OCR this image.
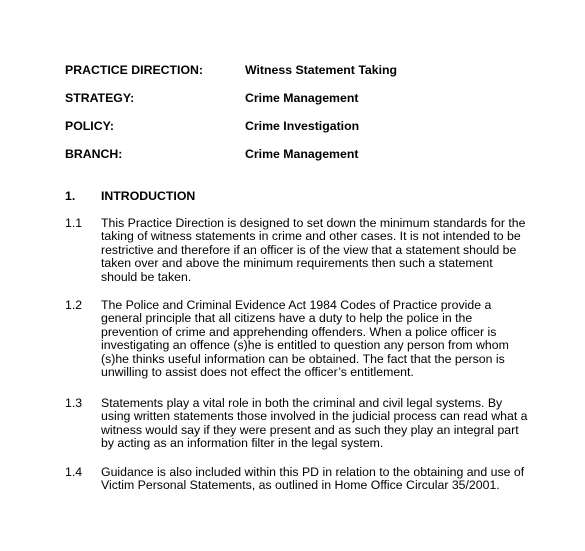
PRACTICE DIRECTION:	Witness Statement Taking
STRATEGY:	Crime Management
POLICY:	Crime Investigation
BRANCH:	Crime Management
1. INTRODUCTION
1.1 This Practice Direction is designed to set down the minimum standards for the
taking of witness statements in crime and other cases. It is not intended to be
restrictive and therefore if an officer is of the view that a statement should be
taken over and above the minimum requirements then such a statement
should be taken.
1.2 The Police and Criminal Evidence Act 1984 Codes of Practice provide a
general principle that all citizens have a duty to help the police in the
prevention of crime and apprehending offenders. When a police officer is
investigating an offence (s)he is entitled to question any person from whom
(s)he thinks useful information can be obtained. The fact that the person is
unwilling to assist does not effect the officer’s entitlement.
1.3 Statements play a vital role in both the criminal and civil legal systems. By
using written statements those involved in the judicial process can read what a
witness would say if they were present and as such they play an integral part
by acting as an information filter in the legal system.
1.4 Guidance is also included within this PD in relation to the obtaining and use of
Victim Personal Statements, as outlined in Home Office Circular 35/2001.
